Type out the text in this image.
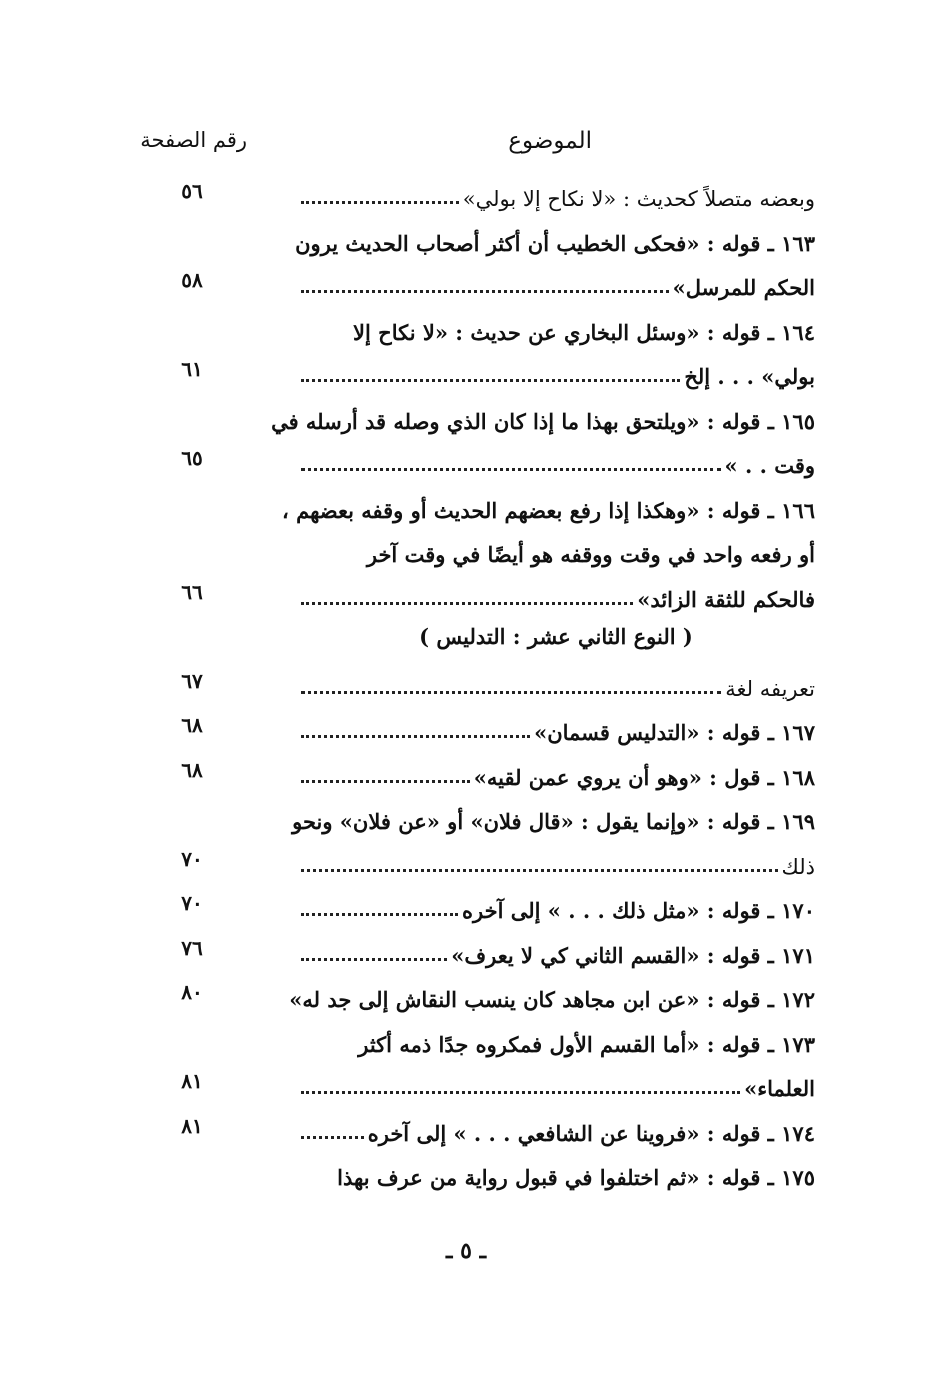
الموضوع
رقم الصفحة
وبعضه متصلاً كحديث : «لا نكاح إلا بولي»
٥٦
١٦٣ ـ قوله : «فحكى الخطيب أن أكثر أصحاب الحديث يرون
الحكم للمرسل»
٥٨
١٦٤ ـ قوله : «وسئل البخاري عن حديث : «لا نكاح إلا
بولي» . . . إلخ
٦١
١٦٥ ـ قوله : «ويلتحق بهذا ما إذا كان الذي وصله قد أرسله في
وقت . . »
٦٥
١٦٦ ـ قوله : «وهكذا إذا رفع بعضهم الحديث أو وقفه بعضهم ،
أو رفعه واحد في وقت ووقفه هو أيضًا في وقت آخر
فالحكم للثقة الزائد»
٦٦
( النوع الثاني عشر : التدليس )
تعريفه لغة
٦٧
١٦٧ ـ قوله : «التدليس قسمان»
٦٨
١٦٨ ـ قول : «وهو أن يروي عمن لقيه»
٦٨
١٦٩ ـ قوله : «وإنما يقول : «قال فلان» أو «عن فلان» ونحو
ذلك
٧٠
١٧٠ ـ قوله : «مثل ذلك . . . » إلى آخره
٧٠
١٧١ ـ قوله : «القسم الثاني كي لا يعرف»
٧٦
١٧٢ ـ قوله : «عن ابن مجاهد كان ينسب النقاش إلى جد له»
٨٠
١٧٣ ـ قوله : «أما القسم الأول فمكروه جدًا ذمه أكثر
العلماء»
٨١
١٧٤ ـ قوله : «فروينا عن الشافعي . . . » إلى آخره
٨١
١٧٥ ـ قوله : «ثم اختلفوا في قبول رواية من عرف بهذا
ـ ٥ ـ
